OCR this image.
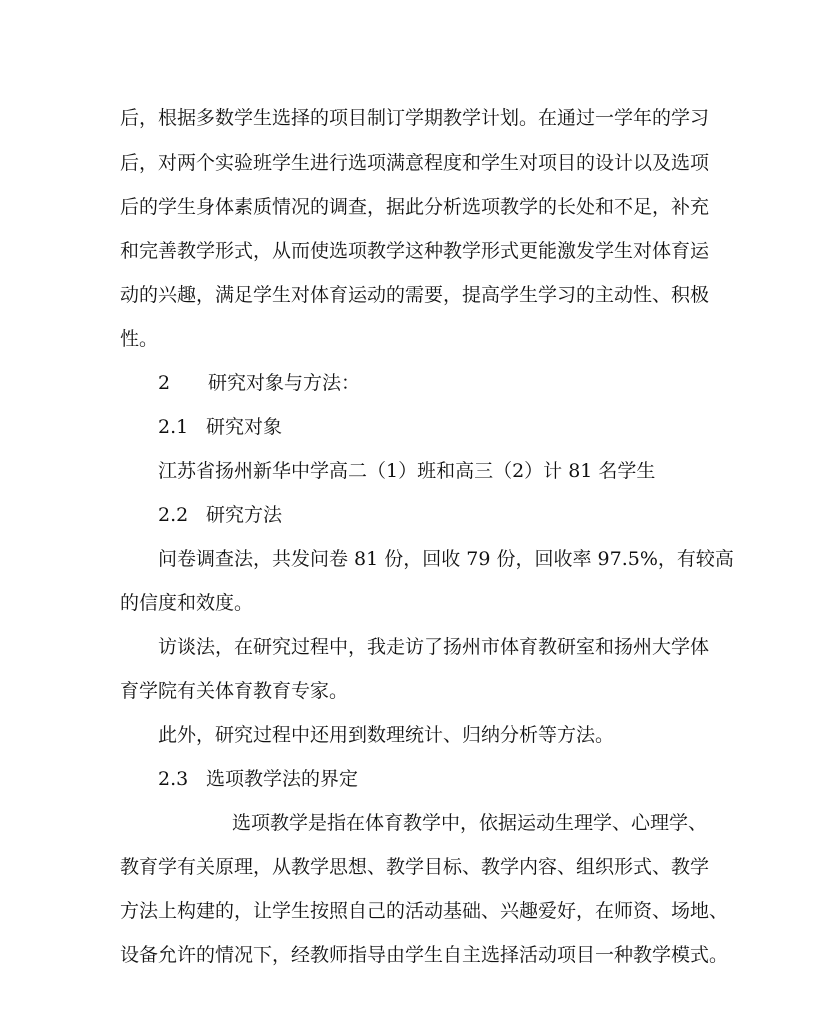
后，根据多数学生选择的项目制订学期教学计划。在通过一学年的学习
后，对两个实验班学生进行选项满意程度和学生对项目的设计以及选项
后的学生身体素质情况的调查，据此分析选项教学的长处和不足，补充
和完善教学形式，从而使选项教学这种教学形式更能激发学生对体育运
动的兴趣，满足学生对体育运动的需要，提高学生学习的主动性、积极
性。
2 研究对象与方法：
2.1 研究对象
江苏省扬州新华中学高二（1）班和高三（2）计 81 名学生
2.2 研究方法
问卷调查法，共发问卷 81 份，回收 79 份，回收率 97.5%，有较高
的信度和效度。
访谈法，在研究过程中，我走访了扬州市体育教研室和扬州大学体
育学院有关体育教育专家。
此外，研究过程中还用到数理统计、归纳分析等方法。
2.3 选项教学法的界定
选项教学是指在体育教学中，依据运动生理学、心理学、
教育学有关原理，从教学思想、教学目标、教学内容、组织形式、教学
方法上构建的，让学生按照自己的活动基础、兴趣爱好，在师资、场地、
设备允许的情况下，经教师指导由学生自主选择活动项目一种教学模式。
